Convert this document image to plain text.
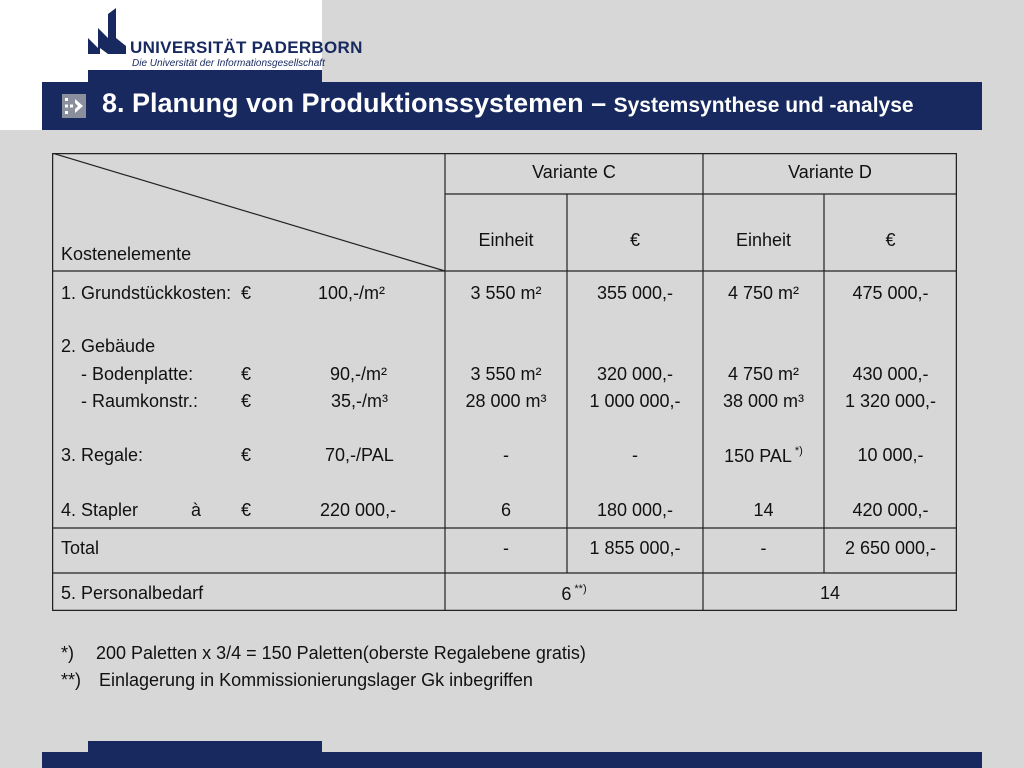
UNIVERSITÄT PADERBORN
Die Universität der Informationsgesellschaft
8. Planung von Produktionssystemen – Systemsynthese und -analyse
Variante C	Variante D
Kostenelemente
Einheit	€	Einheit	€
1. Grundstückkosten: €	100,-/m²	3 550 m²	355 000,-	4 750 m²	475 000,-
2. Gebäude
- Bodenplatte:	€	90,-/m²	3 550 m²	320 000,-	4 750 m²	430 000,-
- Raumkonstr.: €	35,-/m³	28 000 m³	1 000 000,-	38 000 m³	1 320 000,-
3. Regale:	€	70,-/PAL	-	-	150 PAL *)	10 000,-
4. Stapler	à €	220 000,-	6	180 000,-	14	420 000,-
Total	-	1 855 000,-	-	2 650 000,-
5. Personalbedarf	6 **)	14
*) 200 Paletten x 3/4 = 150 Paletten(oberste Regalebene gratis)
**) Einlagerung in Kommissionierungslager Gk inbegriffen
